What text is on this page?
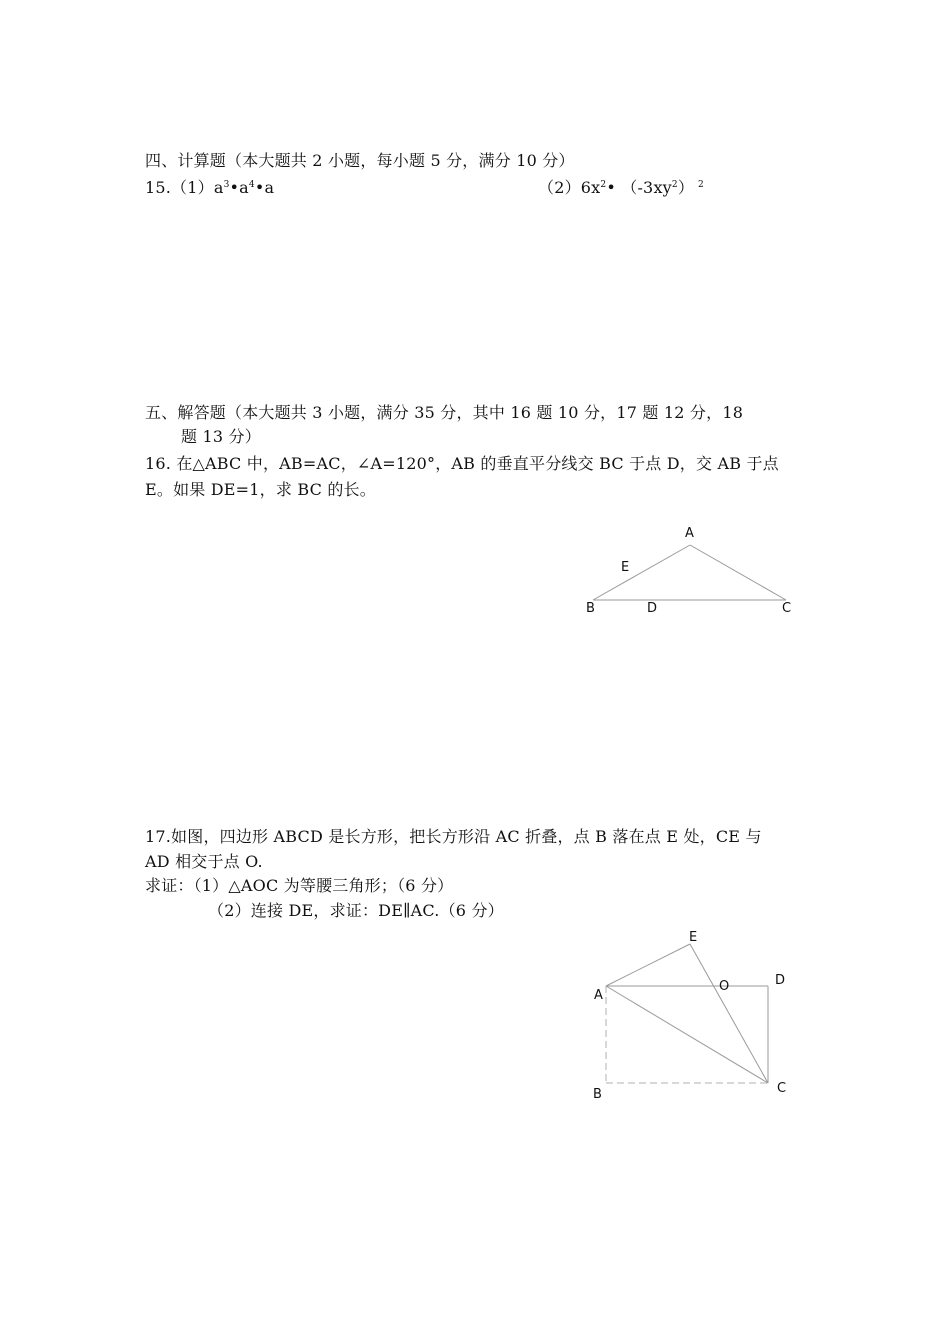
四、计算题（本大题共 2 小题，每小题 5 分，满分 10 分）
$15.(1)a^3•a^4•a$	$(2)6x^2•$ $(-3xy^2)$ $^2$
五、解答题（本大题共 3 小题，满分 35 分，其中 16 题 10 分，17 题 12 分，18
题 13 分）
16. 在△ABC 中，AB=AC，∠A=120°，AB 的垂直平分线交 BC 于点 D，交 AB 于点
E。如果 DE=1，求 BC 的长。
17.如图，四边形 ABCD 是长方形，把长方形沿 AC 折叠，点 B 落在点 E 处，CE 与
AD 相交于点 O.
求证：（1）△AOC 为等腰三角形；（6 分）
（2）连接 DE，求证：DE∥AC.（6 分）
A
E
B	D	C
E
A
O	D
B	C
